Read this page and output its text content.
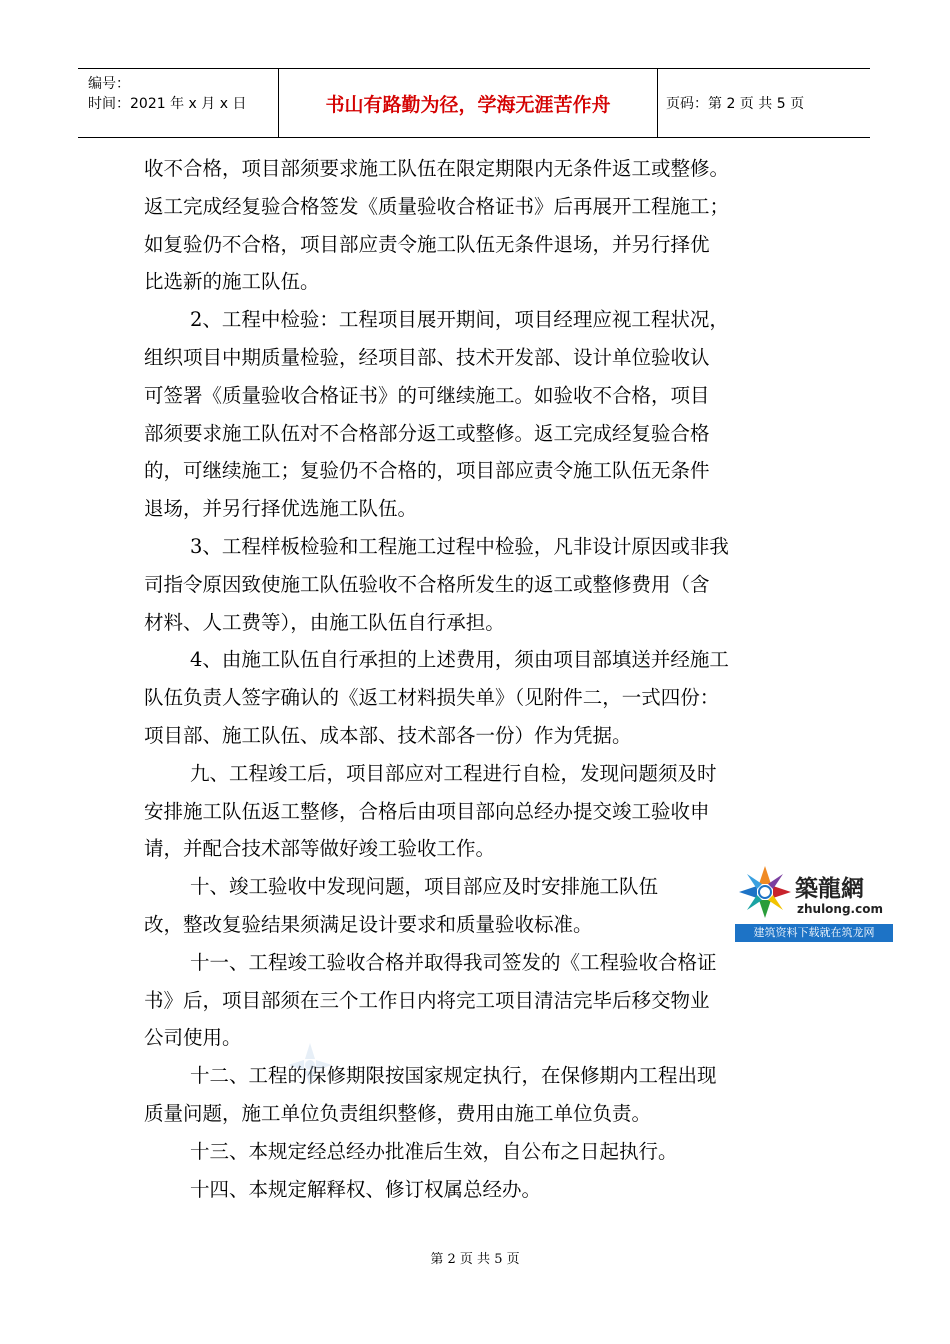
编号：
时间：2021 年 x 月 x 日	书山有路勤为径，学海无涯苦作舟	页码：第 2 页 共 5 页
收不合格，项目部须要求施工队伍在限定期限内无条件返工或整修。
返工完成经复验合格签发《质量验收合格证书》后再展开工程施工；
如复验仍不合格，项目部应责令施工队伍无条件退场，并另行择优
比选新的施工队伍。
2、工程中检验：工程项目展开期间，项目经理应视工程状况，
组织项目中期质量检验，经项目部、技术开发部、设计单位验收认
可签署《质量验收合格证书》的可继续施工。如验收不合格，项目
部须要求施工队伍对不合格部分返工或整修。返工完成经复验合格
的，可继续施工；复验仍不合格的，项目部应责令施工队伍无条件
退场，并另行择优选施工队伍。
3、工程样板检验和工程施工过程中检验，凡非设计原因或非我
司指令原因致使施工队伍验收不合格所发生的返工或整修费用（含
材料、人工费等），由施工队伍自行承担。
4、由施工队伍自行承担的上述费用，须由项目部填送并经施工
队伍负责人签字确认的《返工材料损失单》（见附件二，一式四份：
项目部、施工队伍、成本部、技术部各一份）作为凭据。
九、工程竣工后，项目部应对工程进行自检，发现问题须及时
安排施工队伍返工整修，合格后由项目部向总经办提交竣工验收申
请，并配合技术部等做好竣工验收工作。
十、竣工验收中发现问题，项目部应及时安排施工队伍
改，整改复验结果须满足设计要求和质量验收标准。
十一、工程竣工验收合格并取得我司签发的《工程验收合格证
书》后，项目部须在三个工作日内将完工项目清洁完毕后移交物业
公司使用。
十二、工程的保修期限按国家规定执行，在保修期内工程出现
质量问题，施工单位负责组织整修，费用由施工单位负责。
十三、本规定经总经办批准后生效，自公布之日起执行。
十四、本规定解释权、修订权属总经办。
築龍網
zhulong.com
建筑资料下载就在筑龙网
第 2 页 共 5 页
